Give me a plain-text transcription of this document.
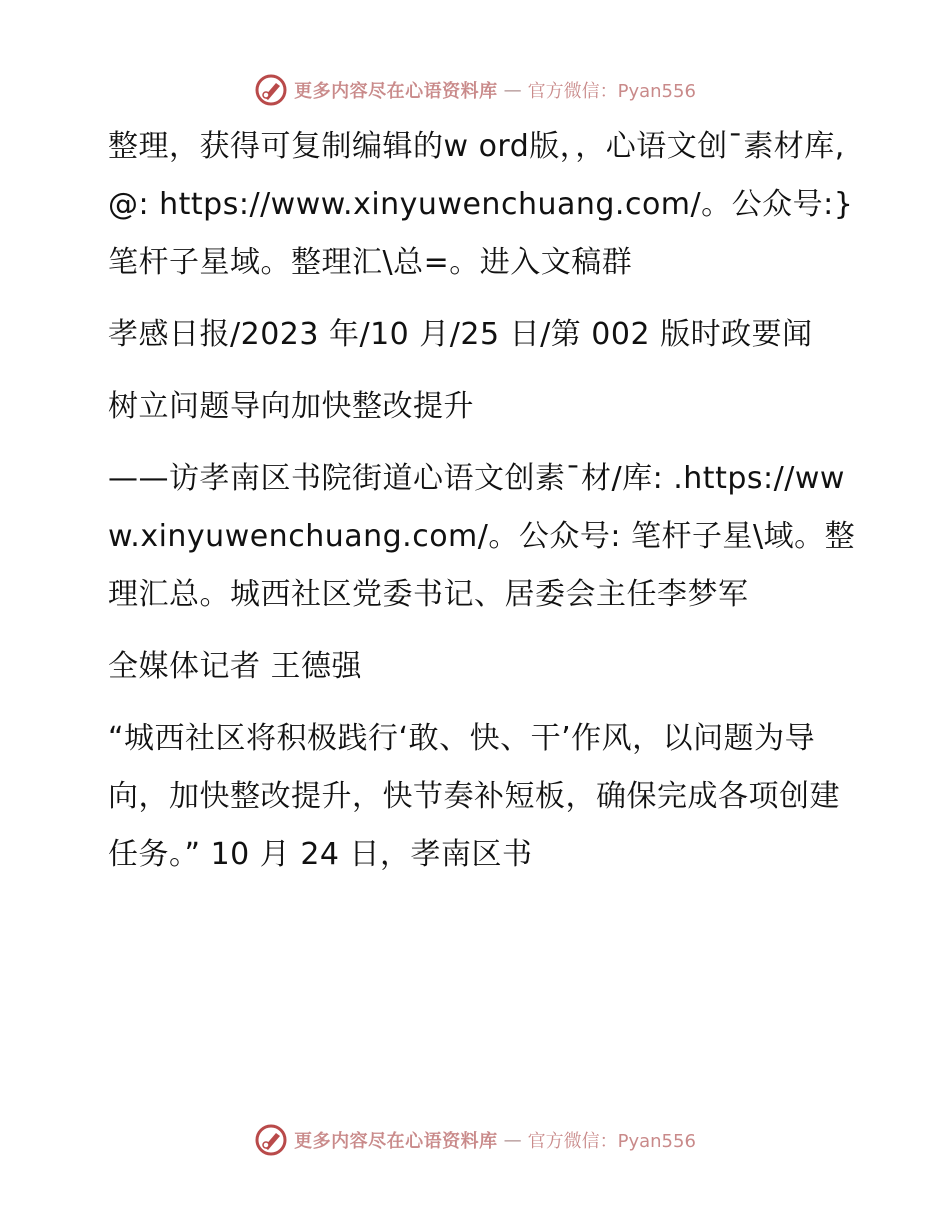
更多内容尽在心语资料库 — 官方微信：Pyan556

整理，获得可复制编辑的w ord版，，心语文创¯素材库,@: https://www.xinyuwenchuang.com/。公众号:}笔杆子星域。整理汇\总=。进入文稿群

孝感日报/2023 年/10 月/25 日/第 002 版时政要闻

树立问题导向加快整改提升

——访孝南区书院街道心语文创素¯材/库: .https://www.xinyuwenchuang.com/。公众号: 笔杆子星\域。整理汇总。城西社区党委书记、居委会主任李梦军

全媒体记者 王德强

“城西社区将积极践行‘敢、快、干’作风，以问题为导向，加快整改提升，快节奏补短板，确保完成各项创建任务。” 10 月 24 日，孝南区书

更多内容尽在心语资料库 — 官方微信：Pyan556
